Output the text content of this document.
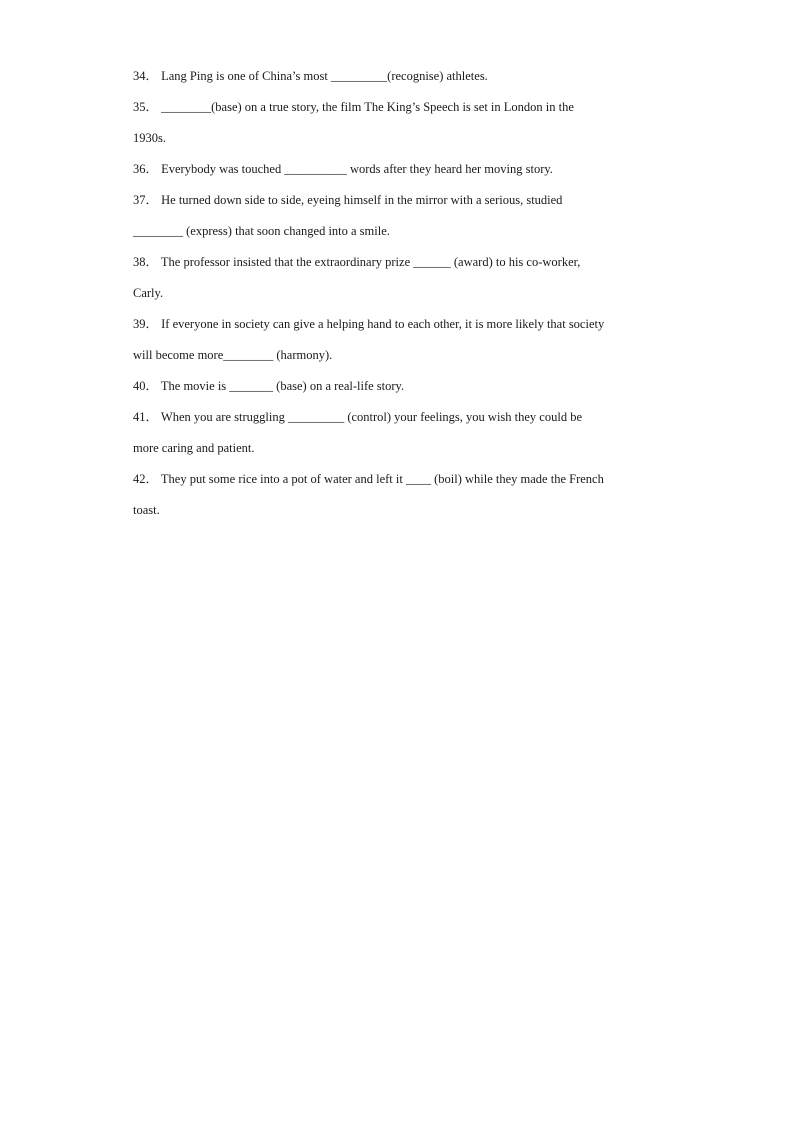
34． Lang Ping is one of China’s most _________(recognise) athletes.
35． ________(base) on a true story, the film The King’s Speech is set in London in the
1930s.
36． Everybody was touched __________ words after they heard her moving story.
37． He turned down side to side, eyeing himself in the mirror with a serious, studied
________ (express) that soon changed into a smile.
38． The professor insisted that the extraordinary prize ______ (award) to his co-worker,
Carly.
39． If everyone in society can give a helping hand to each other, it is more likely that society
will become more________ (harmony).
40． The movie is _______ (base) on a real-life story.
41． When you are struggling _________ (control) your feelings, you wish they could be
more caring and patient.
42． They put some rice into a pot of water and left it ____ (boil) while they made the French
toast.
